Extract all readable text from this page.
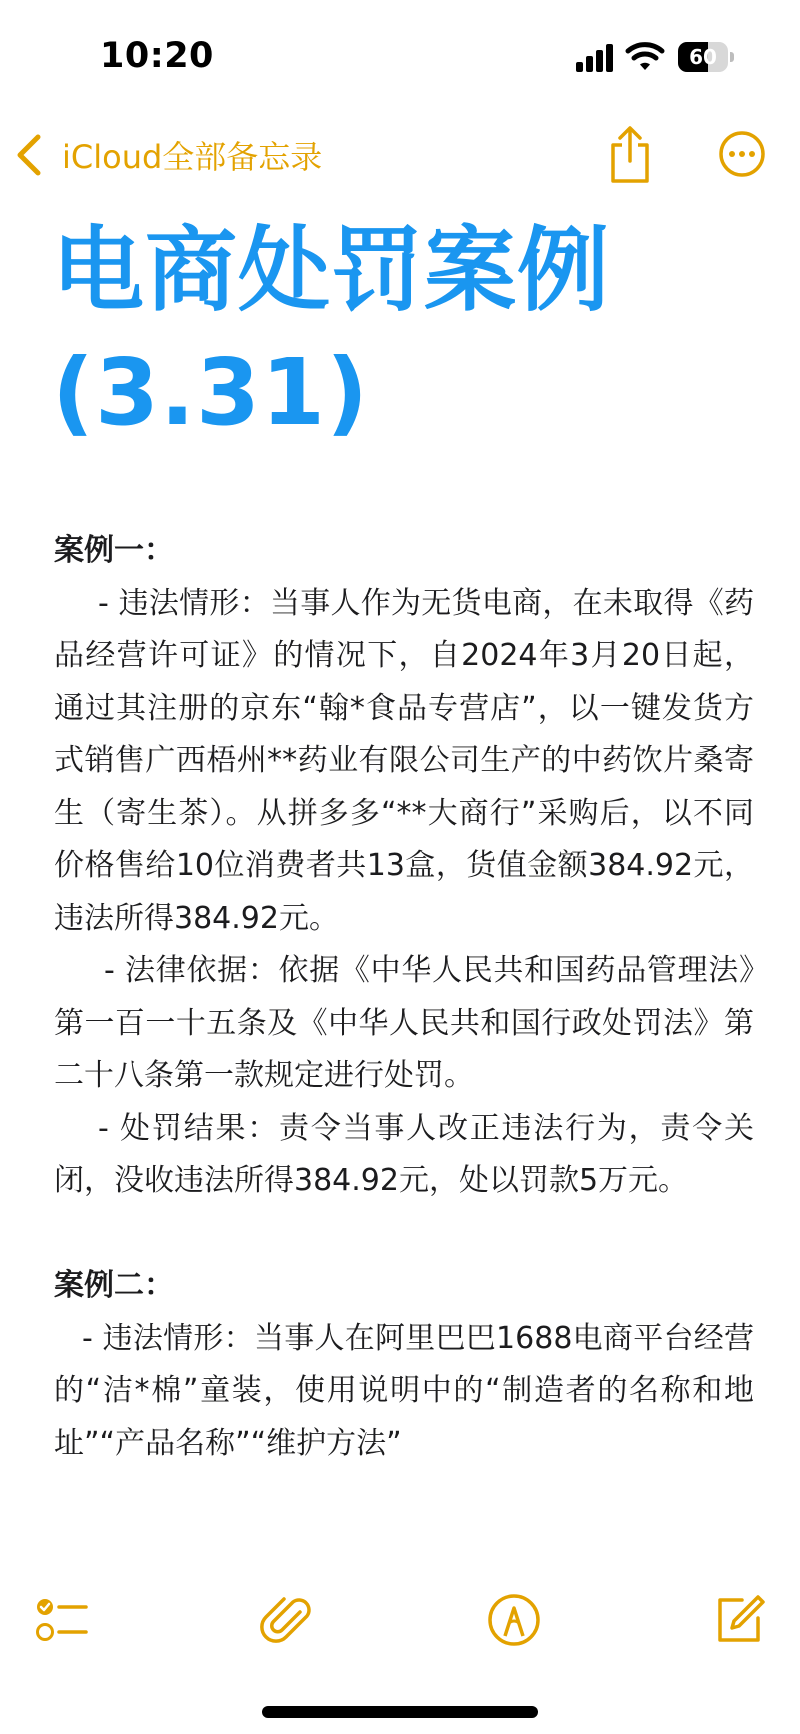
10:20	60
iCloud全部备忘录
电商处罚案例(3.31)
案例一：
- 违法情形：当事人作为无货电商，在未取得《药品经营许可证》的情况下，自2024年3月20日起，通过其注册的京东“翰*食品专营店”，以一键发货方式销售广西梧州**药业有限公司生产的中药饮片桑寄生（寄生茶）。从拼多多“**大商行”采购后，以不同价格售给10位消费者共13盒，货值金额384.92元，违法所得384.92元。
- 法律依据：依据《中华人民共和国药品管理法》第一百一十五条及《中华人民共和国行政处罚法》第二十八条第一款规定进行处罚。
- 处罚结果：责令当事人改正违法行为，责令关闭，没收违法所得384.92元，处以罚款5万元。
案例二：
- 违法情形：当事人在阿里巴巴1688电商平台经营的“洁*棉”童装，使用说明中的“制造者的名称和地址”“产品名称”“维护方法”
